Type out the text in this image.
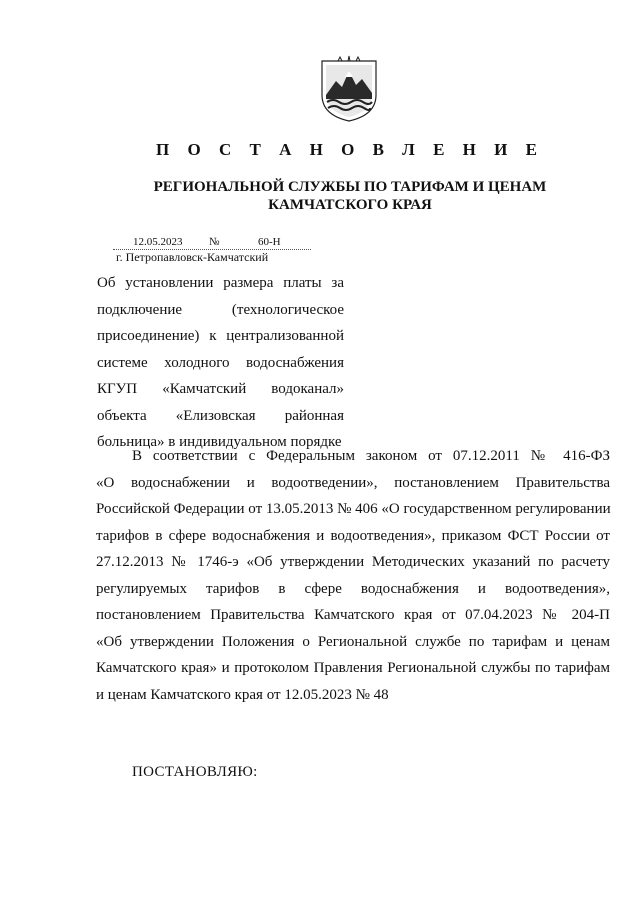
П О С Т А Н О В Л Е Н И Е
РЕГИОНАЛЬНОЙ СЛУЖБЫ ПО ТАРИФАМ И ЦЕНАМ
КАМЧАТСКОГО КРАЯ
12.05.2023 №	60-Н
г. Петропавловск-Камчатский
Об установлении размера платы за
подключение (технологическое
присоединение) к централизованной
системе холодного водоснабжения
КГУП «Камчатский водоканал»
объекта «Елизовская районная
больница» в индивидуальном порядке
В соответствии с Федеральным законом от 07.12.2011 № 416-ФЗ
«О водоснабжении и водоотведении», постановлением Правительства
Российской Федерации от 13.05.2013 № 406 «О государственном регулировании
тарифов в сфере водоснабжения и водоотведения», приказом ФСТ России от
27.12.2013 № 1746-э «Об утверждении Методических указаний по расчету
регулируемых тарифов в сфере водоснабжения и водоотведения»,
постановлением Правительства Камчатского края от 07.04.2023 № 204-П
«Об утверждении Положения о Региональной службе по тарифам и ценам
Камчатского края» и протоколом Правления Региональной службы по тарифам
и ценам Камчатского края от 12.05.2023 № 48
ПОСТАНОВЛЯЮ:
